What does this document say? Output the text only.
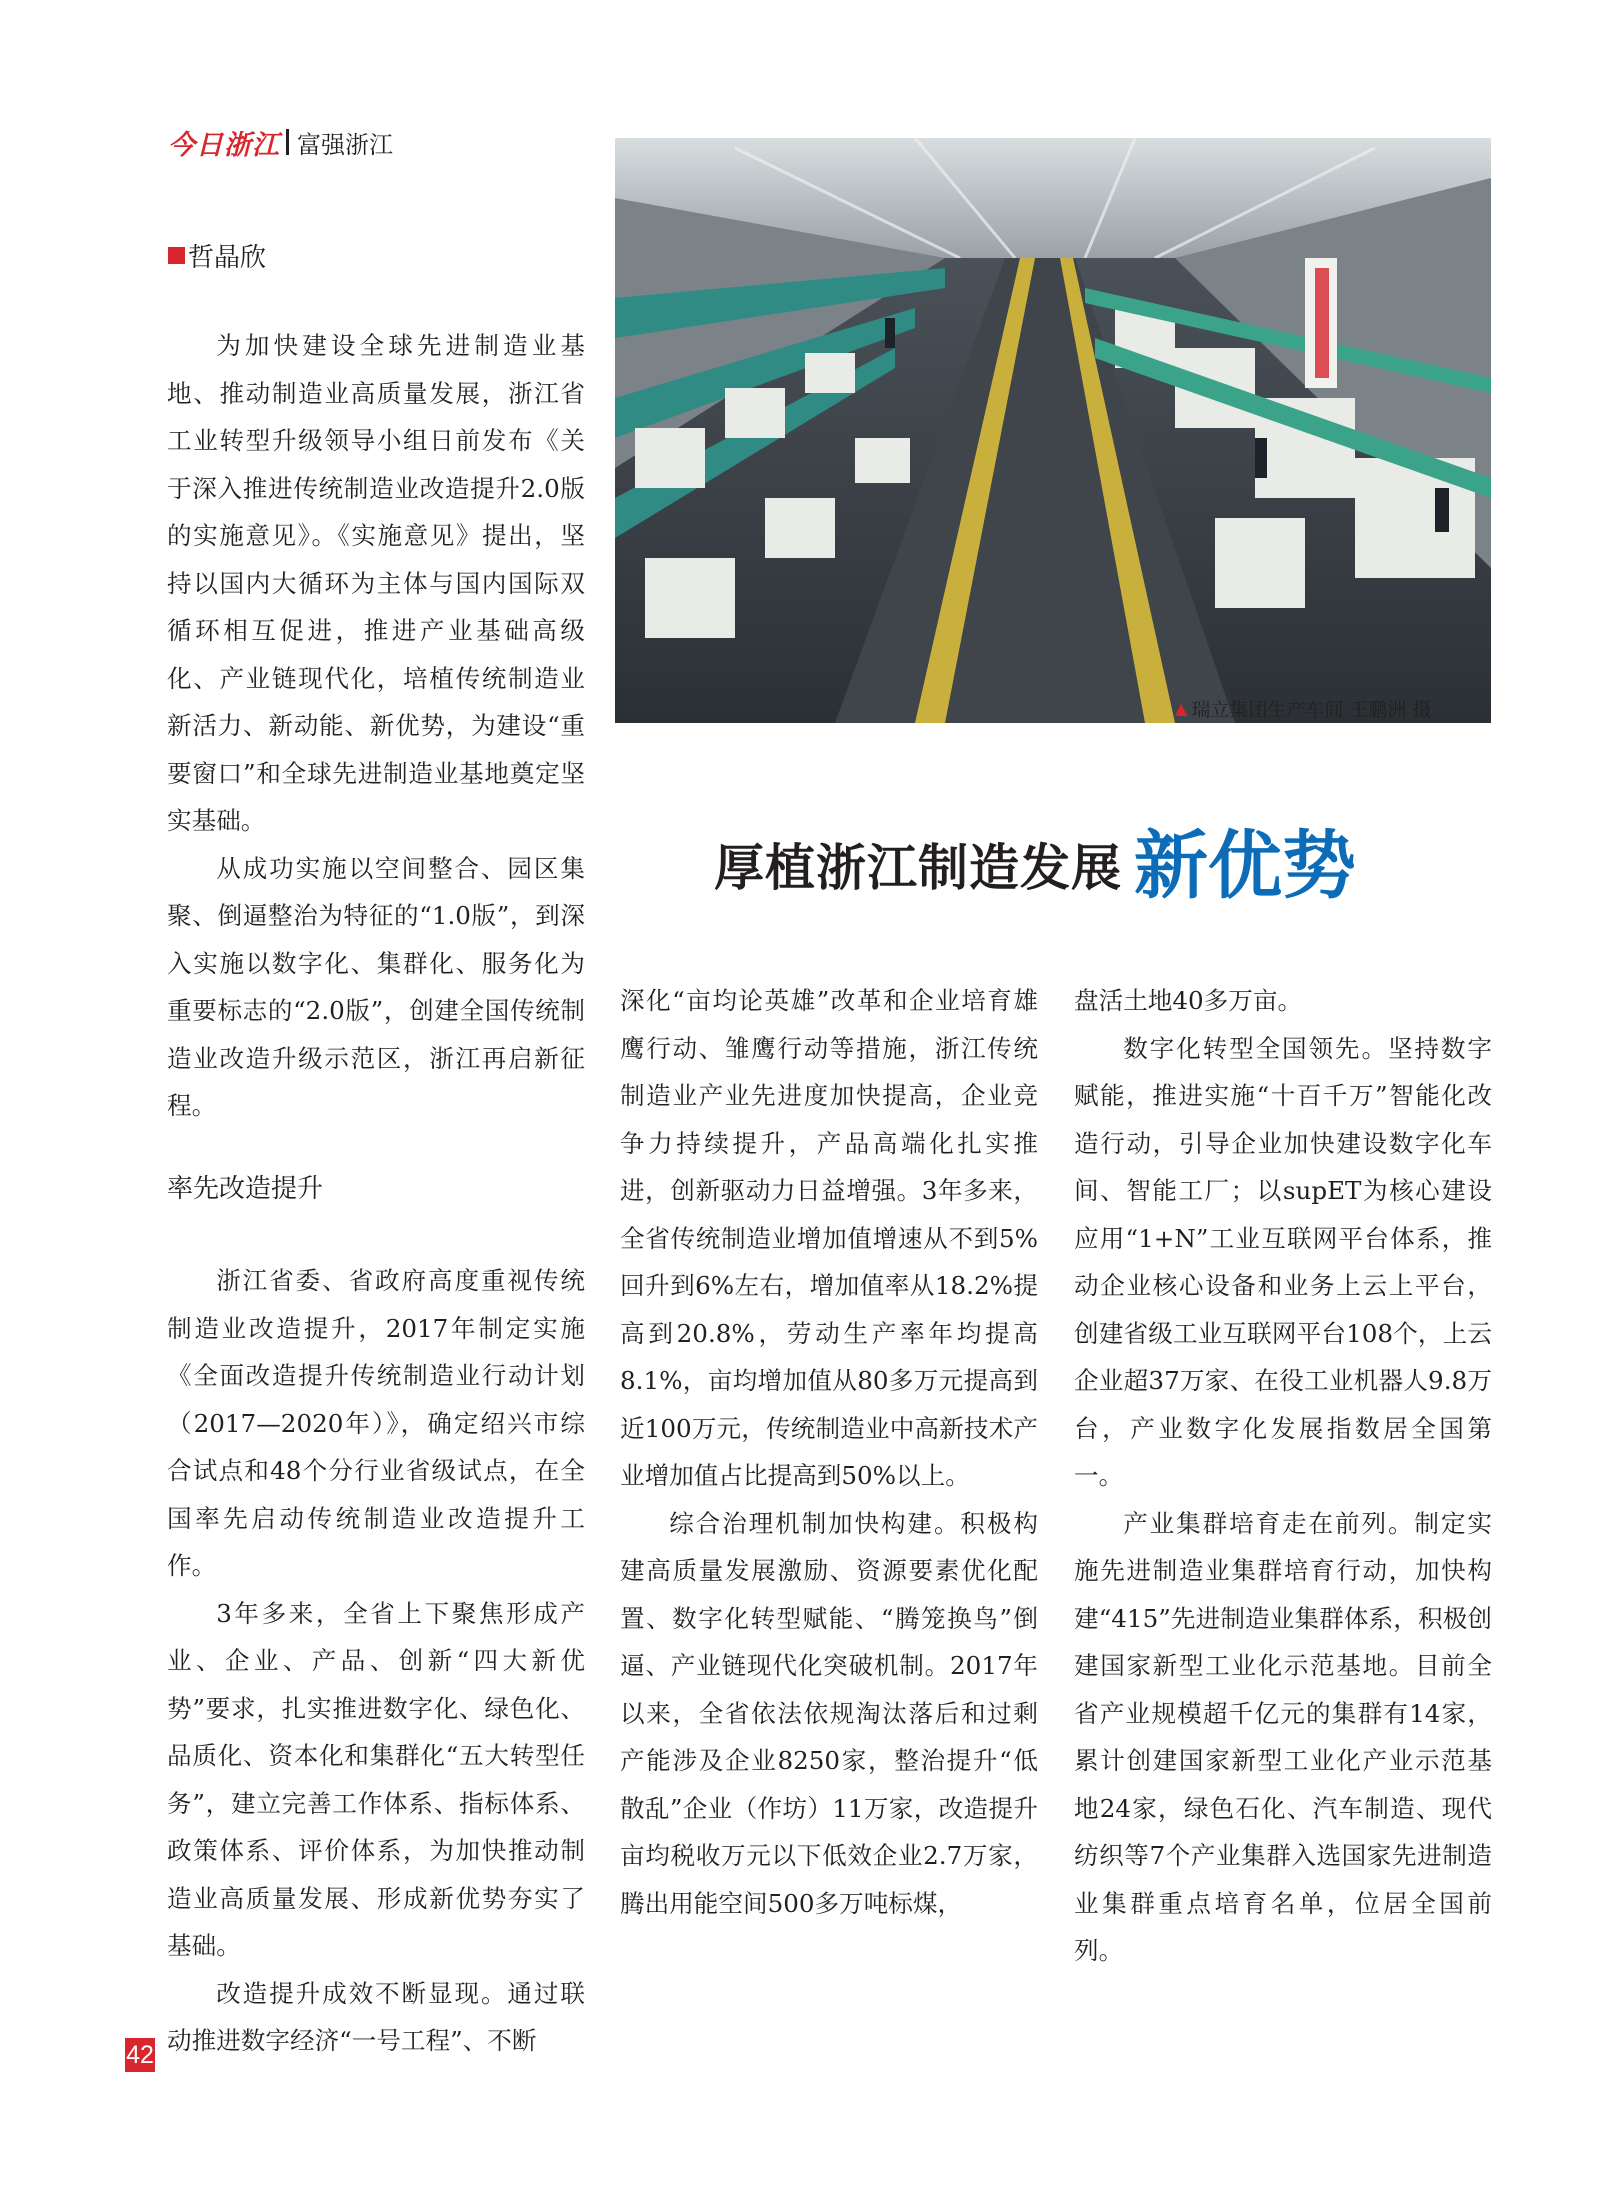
今日浙江 富强浙江
哲晶欣
▲ 瑞立集团生产车间 王鹏洲 摄
厚植浙江制造发展 新优势

为加快建设全球先进制造业基地、推动制造业高质量发展，浙江省工业转型升级领导小组日前发布《关于深入推进传统制造业改造提升2.0版的实施意见》。《实施意见》提出，坚持以国内大循环为主体与国内国际双循环相互促进，推进产业基础高级化、产业链现代化，培植传统制造业新活力、新动能、新优势，为建设“重要窗口”和全球先进制造业基地奠定坚实基础。

从成功实施以空间整合、园区集聚、倒逼整治为特征的“1.0版”，到深入实施以数字化、集群化、服务化为重要标志的“2.0版”，创建全国传统制造业改造升级示范区，浙江再启新征程。

率先改造提升

浙江省委、省政府高度重视传统制造业改造提升，2017年制定实施《全面改造提升传统制造业行动计划（2017—2020年）》，确定绍兴市综合试点和48个分行业省级试点，在全国率先启动传统制造业改造提升工作。

3年多来，全省上下聚焦形成产业、企业、产品、创新“四大新优势”要求，扎实推进数字化、绿色化、品质化、资本化和集群化“五大转型任务”，建立完善工作体系、指标体系、政策体系、评价体系，为加快推动制造业高质量发展、形成新优势夯实了基础。

改造提升成效不断显现。通过联动推进数字经济“一号工程”、不断

深化“亩均论英雄”改革和企业培育雄鹰行动、雏鹰行动等措施，浙江传统制造业产业先进度加快提高，企业竞争力持续提升，产品高端化扎实推进，创新驱动力日益增强。3年多来，全省传统制造业增加值增速从不到5%回升到6%左右，增加值率从18.2%提高到20.8%，劳动生产率年均提高8.1%，亩均增加值从80多万元提高到近100万元，传统制造业中高新技术产业增加值占比提高到50%以上。

综合治理机制加快构建。积极构建高质量发展激励、资源要素优化配置、数字化转型赋能、“腾笼换鸟”倒逼、产业链现代化突破机制。2017年以来，全省依法依规淘汰落后和过剩产能涉及企业8250家，整治提升“低散乱”企业（作坊）11万家，改造提升亩均税收万元以下低效企业2.7万家，腾出用能空间500多万吨标煤，

盘活土地40多万亩。

数字化转型全国领先。坚持数字赋能，推进实施“十百千万”智能化改造行动，引导企业加快建设数字化车间、智能工厂；以supET为核心建设应用“1+N”工业互联网平台体系，推动企业核心设备和业务上云上平台，创建省级工业互联网平台108个，上云企业超37万家、在役工业机器人9.8万台，产业数字化发展指数居全国第一。

产业集群培育走在前列。制定实施先进制造业集群培育行动，加快构建“415”先进制造业集群体系，积极创建国家新型工业化示范基地。目前全省产业规模超千亿元的集群有14家，累计创建国家新型工业化产业示范基地24家，绿色石化、汽车制造、现代纺织等7个产业集群入选国家先进制造业集群重点培育名单，位居全国前列。

42
